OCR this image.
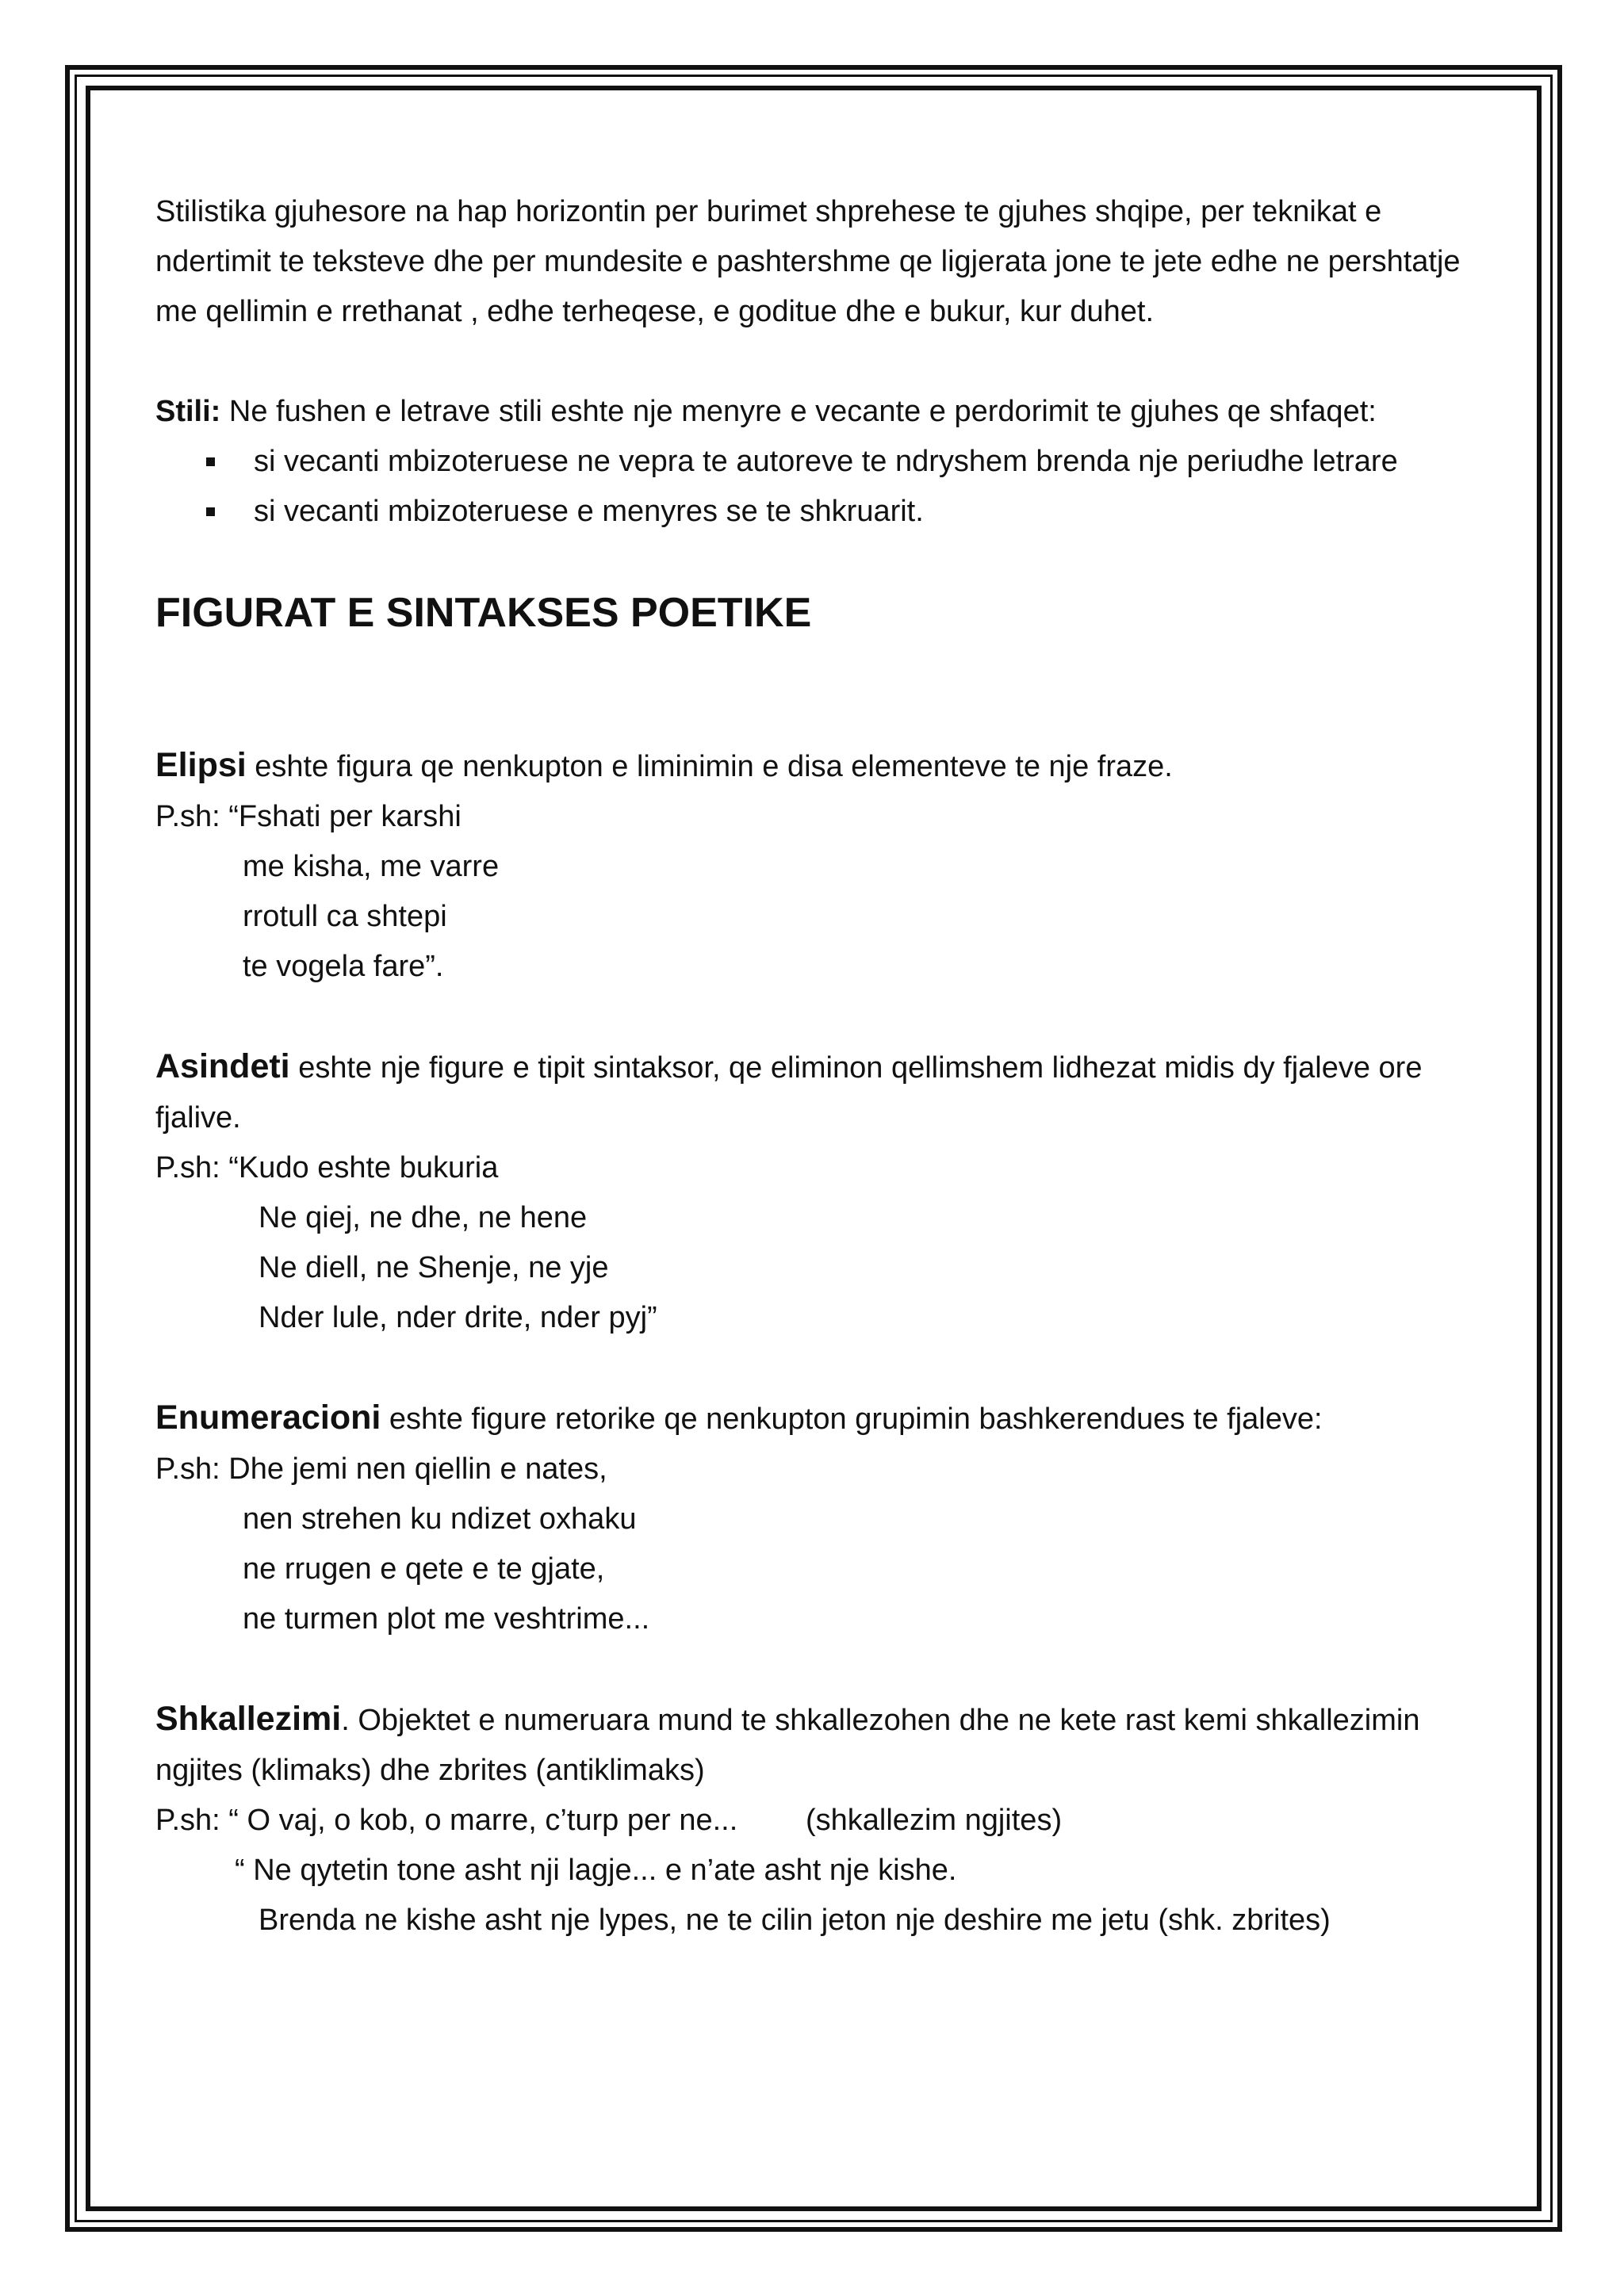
Stilistika gjuhesore na hap horizontin per burimet shprehese te gjuhes shqipe, per teknikat e ndertimit te teksteve dhe per mundesite e pashtershme qe ligjerata jone te jete edhe ne pershtatje me qellimin e rrethanat , edhe terheqese, e goditue dhe e bukur, kur duhet.

Stili: Ne fushen e letrave stili eshte nje menyre e vecante e perdorimit te gjuhes qe shfaqet:

si vecanti mbizoteruese ne vepra te autoreve te ndryshem brenda nje periudhe letrare
si vecanti mbizoteruese e menyres se te shkruarit.
FIGURAT E SINTAKSES POETIKE

Elipsi eshte figura qe nenkupton e liminimin e disa elementeve te nje fraze.

P.sh: “Fshati per karshi

me kisha, me varre

rrotull ca shtepi

te vogela fare”.

Asindeti eshte nje figure e tipit sintaksor, qe eliminon qellimshem lidhezat midis dy fjaleve ore fjalive.

P.sh: “Kudo eshte bukuria

Ne qiej, ne dhe, ne hene

Ne diell, ne Shenje, ne yje

Nder lule, nder drite, nder pyj”

Enumeracioni eshte figure retorike qe nenkupton grupimin bashkerendues te fjaleve:

P.sh: Dhe jemi nen qiellin e nates,

nen strehen ku ndizet oxhaku

ne rrugen e qete e te gjate,

ne turmen plot me veshtrime...

Shkallezimi. Objektet e numeruara mund te shkallezohen dhe ne kete rast kemi shkallezimin ngjites (klimaks) dhe zbrites (antiklimaks)

P.sh: “ O vaj, o kob, o marre, c’turp per ne... (shkallezim ngjites)

“ Ne qytetin tone asht nji lagje... e n’ate asht nje kishe.

Brenda ne kishe asht nje lypes, ne te cilin jeton nje deshire me jetu (shk. zbrites)
